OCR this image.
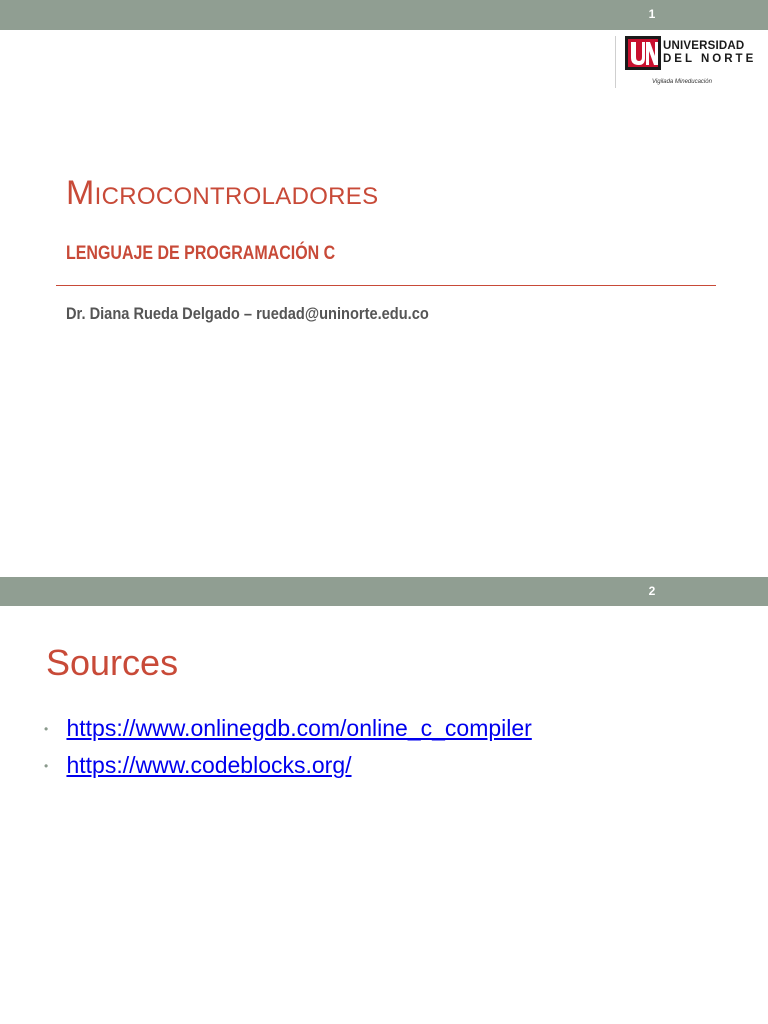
1
UNIVERSIDAD
DEL NORTE
Vigilada Mineducación
Microcontroladores
LENGUAJE DE PROGRAMACIÓN C
Dr. Diana Rueda Delgado – ruedad@uninorte.edu.co
2
Sources
• https://www.onlinegdb.com/online_c_compiler
• https://www.codeblocks.org/
